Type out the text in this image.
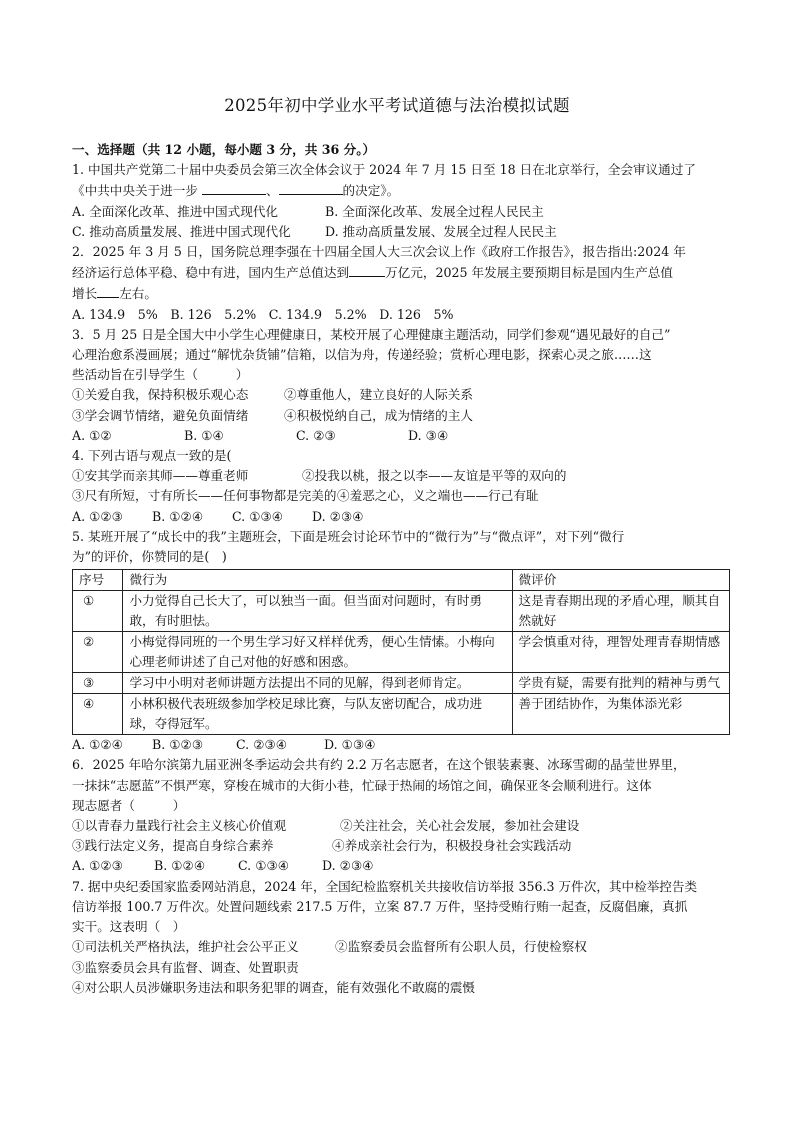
2025年初中学业水平考试道德与法治模拟试题
一、选择题（共 12 小题，每小题 3 分，共 36 分。）
1. 中国共产党第二十届中央委员会第三次全体会议于 2024 年 7 月 15 日至 18 日在北京举行，全会审议通过了
《中共中央关于进一步	、	的决定》。
A. 全面深化改革、推进中国式现代化	B. 全面深化改革、发展全过程人民民主
C. 推动高质量发展、推进中国式现代化	D. 推动高质量发展、发展全过程人民民主
2．2025 年 3 月 5 日，国务院总理李强在十四届全国人大三次会议上作《政府工作报告》，报告指出:2024 年
经济运行总体平稳、稳中有进，国内生产总值达到	万亿元，2025 年发展主要预期目标是国内生产总值
增长 左右。
A. 134.9　5%　B. 126　5.2%　C. 134.9　5.2%　D. 126　5%
3．5 月 25 日是全国大中小学生心理健康日，某校开展了心理健康主题活动，同学们参观“遇见最好的自己”
心理治愈系漫画展；通过“解忧杂货铺”信箱，以信为舟，传递经验；赏析心理电影，探索心灵之旅……这
些活动旨在引导学生（　　　）
①关爱自我，保持积极乐观心态	②尊重他人，建立良好的人际关系
③学会调节情绪，避免负面情绪	④积极悦纳自己，成为情绪的主人
A. ①②	B. ①④	C. ②③	D. ③④
4. 下列古语与观点一致的是(
①安其学而亲其师——尊重老师	②投我以桃，报之以李——友谊是平等的双向的
③尺有所短，寸有所长——任何事物都是完美的 ④羞恶之心，义之端也——行己有耻
A. ①②③	B. ①②④	C. ①③④	D. ②③④
5. 某班开展了“成长中的我”主题班会，下面是班会讨论环节中的“微行为”与“微点评”，对下列“微行
为”的评价，你赞同的是(　)
序号	微行为	微评价
①	小力觉得自己长大了，可以独当一面。但当面对问题时，有时勇敢，有时胆怯。	这是青春期出现的矛盾心理，顺其自然就好
②	小梅觉得同班的一个男生学习好又样样优秀，便心生情愫。小梅向心理老师讲述了自己对他的好感和困惑。	学会慎重对待，理智处理青春期情感
③	学习中小明对老师讲题方法提出不同的见解，得到老师肯定。	学贵有疑，需要有批判的精神与勇气
④	小林积极代表班级参加学校足球比赛，与队友密切配合，成功进球，夺得冠军。	善于团结协作，为集体添光彩
A. ①②④	B. ①②③	C. ②③④	D. ①③④
6．2025 年哈尔滨第九届亚洲冬季运动会共有约 2.2 万名志愿者，在这个银装素裹、冰琢雪砌的晶莹世界里，
一抹抹“志愿蓝”不惧严寒，穿梭在城市的大街小巷，忙碌于热闹的场馆之间，确保亚冬会顺利进行。这体
现志愿者（　　　）
①以青春力量践行社会主义核心价值观	②关注社会，关心社会发展，参加社会建设
③践行法定义务，提高自身综合素养	④养成亲社会行为，积极投身社会实践活动
A. ①②③	B. ①②④	C. ①③④	D. ②③④
7. 据中央纪委国家监委网站消息，2024 年，全国纪检监察机关共接收信访举报 356.3 万件次，其中检举控告类
信访举报 100.7 万件次。处置问题线索 217.5 万件，立案 87.7 万件，坚持受贿行贿一起查，反腐倡廉，真抓
实干。这表明（　）
①司法机关严格执法，维护社会公平正义	②监察委员会监督所有公职人员，行使检察权
③监察委员会具有监督、调查、处置职责
④对公职人员涉嫌职务违法和职务犯罪的调查，能有效强化不敢腐的震慑
